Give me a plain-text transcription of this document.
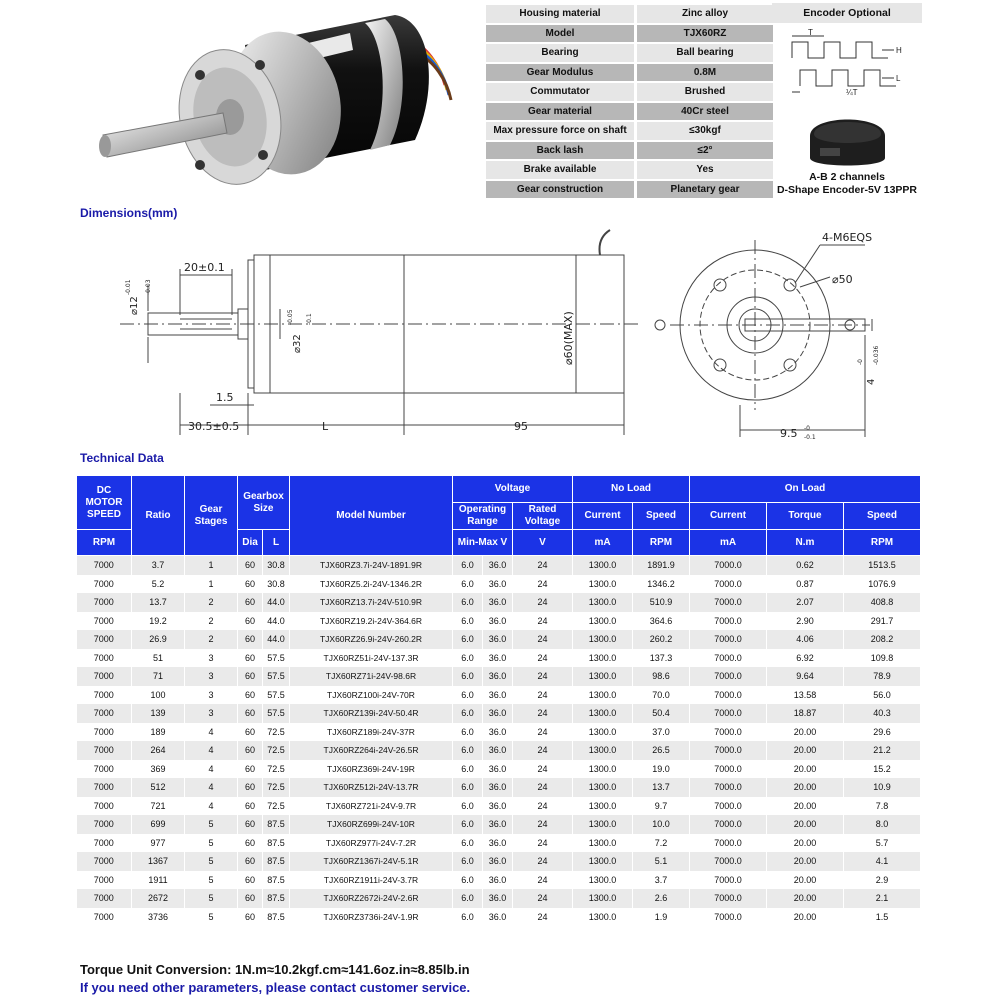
Housing material	Zinc alloy
Model	TJX60RZ
Bearing	Ball bearing
Gear Modulus	0.8M
Commutator	Brushed
Gear material	40Cr steel
Max pressure force on shaft	≤30kgf
Back lash	≤2°
Brake available	Yes
Gear construction	Planetary gear
Encoder Optional
T
H
L
¼T
A-B 2 channels
D-Shape Encoder-5V 13PPR
Dimensions(mm)
Technical Data
⌀12
-0.01 -0.03
20±0.1
⌀32
-0.05 -0.1	⌀60(MAX)
1.5
30.5±0.5	L	95
4-M6EQS
⌀50
4
-0 -0.036
9.5 -0
-0.1
DC MOTOR SPEED	Ratio	Gear Stages	Gearbox Size		Model Number	Voltage			No Load		On Load		
						Operating Range		Rated Voltage	Current	Speed	Current	Torque	Speed
RPM			Dia	L		Min-Max V		V	mA	RPM	mA	N.m	RPM
7000	3.7	1	60	30.8	TJX60RZ3.7i-24V-1891.9R	6.0	36.0	24	1300.0	1891.9	7000.0	0.62	1513.5
7000	5.2	1	60	30.8	TJX60RZ5.2i-24V-1346.2R	6.0	36.0	24	1300.0	1346.2	7000.0	0.87	1076.9
7000	13.7	2	60	44.0	TJX60RZ13.7i-24V-510.9R	6.0	36.0	24	1300.0	510.9	7000.0	2.07	408.8
7000	19.2	2	60	44.0	TJX60RZ19.2i-24V-364.6R	6.0	36.0	24	1300.0	364.6	7000.0	2.90	291.7
7000	26.9	2	60	44.0	TJX60RZ26.9i-24V-260.2R	6.0	36.0	24	1300.0	260.2	7000.0	4.06	208.2
7000	51	3	60	57.5	TJX60RZ51i-24V-137.3R	6.0	36.0	24	1300.0	137.3	7000.0	6.92	109.8
7000	71	3	60	57.5	TJX60RZ71i-24V-98.6R	6.0	36.0	24	1300.0	98.6	7000.0	9.64	78.9
7000	100	3	60	57.5	TJX60RZ100i-24V-70R	6.0	36.0	24	1300.0	70.0	7000.0	13.58	56.0
7000	139	3	60	57.5	TJX60RZ139i-24V-50.4R	6.0	36.0	24	1300.0	50.4	7000.0	18.87	40.3
7000	189	4	60	72.5	TJX60RZ189i-24V-37R	6.0	36.0	24	1300.0	37.0	7000.0	20.00	29.6
7000	264	4	60	72.5	TJX60RZ264i-24V-26.5R	6.0	36.0	24	1300.0	26.5	7000.0	20.00	21.2
7000	369	4	60	72.5	TJX60RZ369i-24V-19R	6.0	36.0	24	1300.0	19.0	7000.0	20.00	15.2
7000	512	4	60	72.5	TJX60RZ512i-24V-13.7R	6.0	36.0	24	1300.0	13.7	7000.0	20.00	10.9
7000	721	4	60	72.5	TJX60RZ721i-24V-9.7R	6.0	36.0	24	1300.0	9.7	7000.0	20.00	7.8
7000	699	5	60	87.5	TJX60RZ699i-24V-10R	6.0	36.0	24	1300.0	10.0	7000.0	20.00	8.0
7000	977	5	60	87.5	TJX60RZ977i-24V-7.2R	6.0	36.0	24	1300.0	7.2	7000.0	20.00	5.7
7000	1367	5	60	87.5	TJX60RZ1367i-24V-5.1R	6.0	36.0	24	1300.0	5.1	7000.0	20.00	4.1
7000	1911	5	60	87.5	TJX60RZ1911i-24V-3.7R	6.0	36.0	24	1300.0	3.7	7000.0	20.00	2.9
7000	2672	5	60	87.5	TJX60RZ2672i-24V-2.6R	6.0	36.0	24	1300.0	2.6	7000.0	20.00	2.1
7000	3736	5	60	87.5	TJX60RZ3736i-24V-1.9R	6.0	36.0	24	1300.0	1.9	7000.0	20.00	1.5
Torque Unit Conversion: 1N.m≈10.2kgf.cm≈141.6oz.in≈8.85lb.in
If you need other parameters, please contact customer service.
